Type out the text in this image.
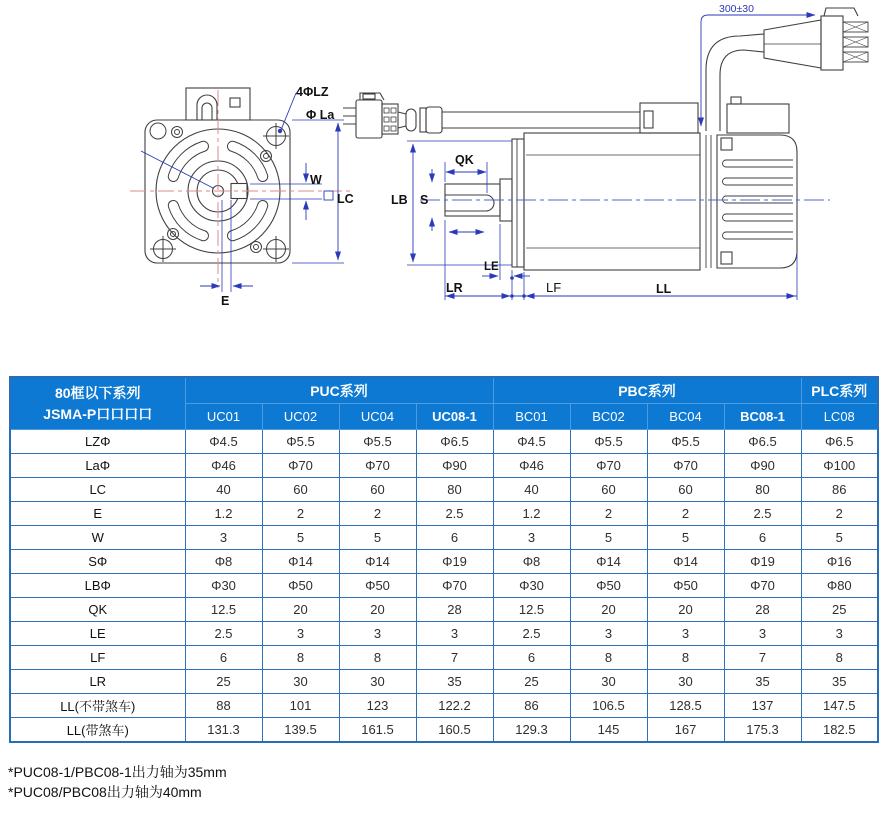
4ΦLZ
Φ La
W
LC
E
QK
LB S
LE
LR	LF	LL
300±30
80框以下系列
JSMA-P口口口口	PUC系列				PBC系列				PLC系列
	UC01	UC02	UC04	UC08-1	BC01	BC02	BC04	BC08-1	LC08
LZΦ	Φ4.5	Φ5.5	Φ5.5	Φ6.5	Φ4.5	Φ5.5	Φ5.5	Φ6.5	Φ6.5
LaΦ	Φ46	Φ70	Φ70	Φ90	Φ46	Φ70	Φ70	Φ90	Φ100
LC	40	60	60	80	40	60	60	80	86
E	1.2	2	2	2.5	1.2	2	2	2.5	2
W	3	5	5	6	3	5	5	6	5
SΦ	Φ8	Φ14	Φ14	Φ19	Φ8	Φ14	Φ14	Φ19	Φ16
LBΦ	Φ30	Φ50	Φ50	Φ70	Φ30	Φ50	Φ50	Φ70	Φ80
QK	12.5	20	20	28	12.5	20	20	28	25
LE	2.5	3	3	3	2.5	3	3	3	3
LF	6	8	8	7	6	8	8	7	8
LR	25	30	30	35	25	30	30	35	35
LL(不带煞车)	88	101	123	122.2	86	106.5	128.5	137	147.5
LL(带煞车)	131.3	139.5	161.5	160.5	129.3	145	167	175.3	182.5
*PUC08-1/PBC08-1出力轴为35mm
*PUC08/PBC08出力轴为40mm
